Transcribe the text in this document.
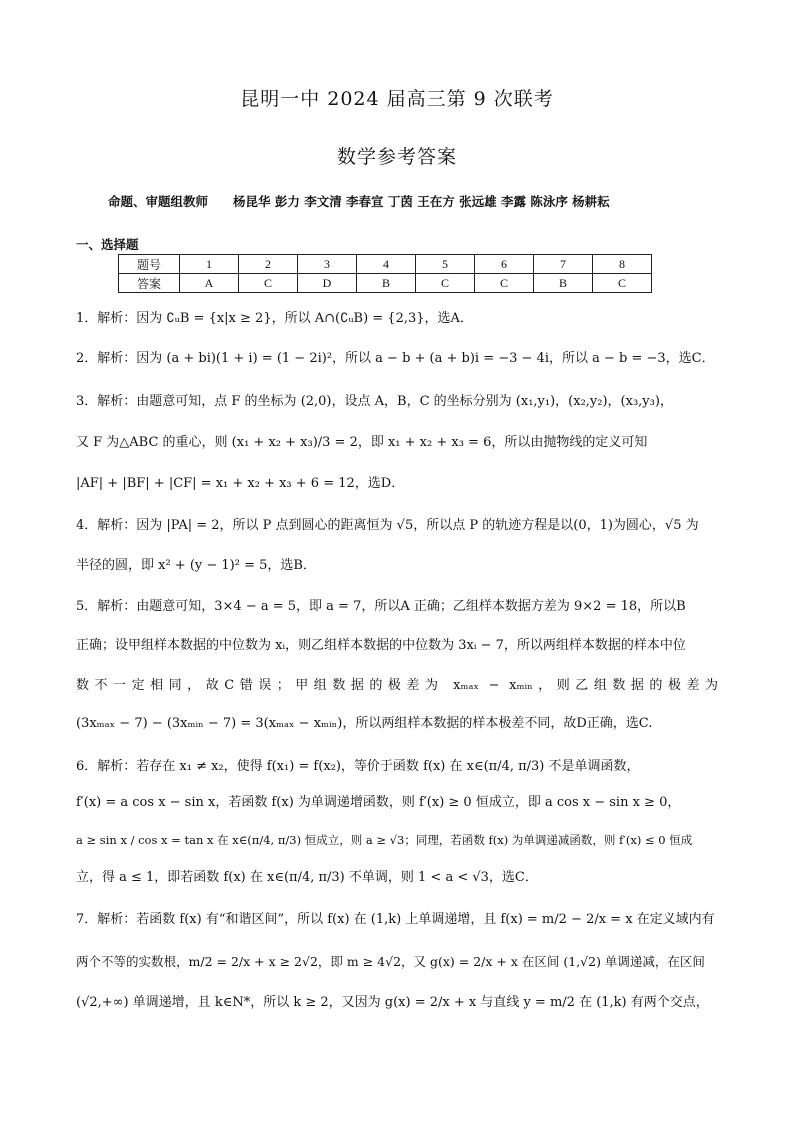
昆明一中 2024 届高三第 9 次联考
数学参考答案
命题、审题组教师　　杨昆华 彭力 李文清 李春宣 丁茵 王在方 张远雄 李露 陈泳序 杨耕耘
一、选择题
题号	1	2	3	4	5	6	7	8
答案	A	C	D	B	C	C	B	C
1．解析：因为 ∁ᵤB = {x|x ≥ 2}，所以 A∩(∁ᵤB) = {2,3}，选A．
2．解析：因为 (a + bi)(1 + i) = (1 − 2i)²，所以 a − b + (a + b)i = −3 − 4i，所以 a − b = −3，选C．
3．解析：由题意可知，点 F 的坐标为 (2,0)，设点 A，B，C 的坐标分别为 (x₁,y₁)，(x₂,y₂)，(x₃,y₃)，
又 F 为△ABC 的重心，则 (x₁ + x₂ + x₃)/3 = 2，即 x₁ + x₂ + x₃ = 6，所以由抛物线的定义可知
|AF| + |BF| + |CF| = x₁ + x₂ + x₃ + 6 = 12，选D．
4．解析：因为 |PA| = 2，所以 P 点到圆心的距离恒为 √5，所以点 P 的轨迹方程是以(0，1)为圆心，√5 为
半径的圆，即 x² + (y − 1)² = 5，选B．
5．解析：由题意可知，3×4 − a = 5，即 a = 7，所以A 正确；乙组样本数据方差为 9×2 = 18，所以B
正确；设甲组样本数据的中位数为 xᵢ，则乙组样本数据的中位数为 3xᵢ − 7，所以两组样本数据的样本中位
数不一定相同，故C错误；甲组数据的极差为 xₘₐₓ − xₘᵢₙ，则乙组数据的极差为
(3xₘₐₓ − 7) − (3xₘᵢₙ − 7) = 3(xₘₐₓ − xₘᵢₙ)，所以两组样本数据的样本极差不同，故D正确，选C.
6．解析：若存在 x₁ ≠ x₂，使得 f(x₁) = f(x₂)，等价于函数 f(x) 在 x∈(π/4, π/3) 不是单调函数，
f′(x) = a cos x − sin x，若函数 f(x) 为单调递增函数，则 f′(x) ≥ 0 恒成立，即 a cos x − sin x ≥ 0，
a ≥ sin x / cos x = tan x 在 x∈(π/4, π/3) 恒成立，则 a ≥ √3；同理，若函数 f(x) 为单调递减函数，则 f′(x) ≤ 0 恒成
立，得 a ≤ 1，即若函数 f(x) 在 x∈(π/4, π/3) 不单调，则 1 < a < √3，选C．
7．解析：若函数 f(x) 有“和谐区间”，所以 f(x) 在 (1,k) 上单调递增，且 f(x) = m/2 − 2/x = x 在定义域内有
两个不等的实数根，m/2 = 2/x + x ≥ 2√2，即 m ≥ 4√2，又 g(x) = 2/x + x 在区间 (1,√2) 单调递减，在区间
(√2,+∞) 单调递增，且 k∈N*，所以 k ≥ 2，又因为 g(x) = 2/x + x 与直线 y = m/2 在 (1,k) 有两个交点，
